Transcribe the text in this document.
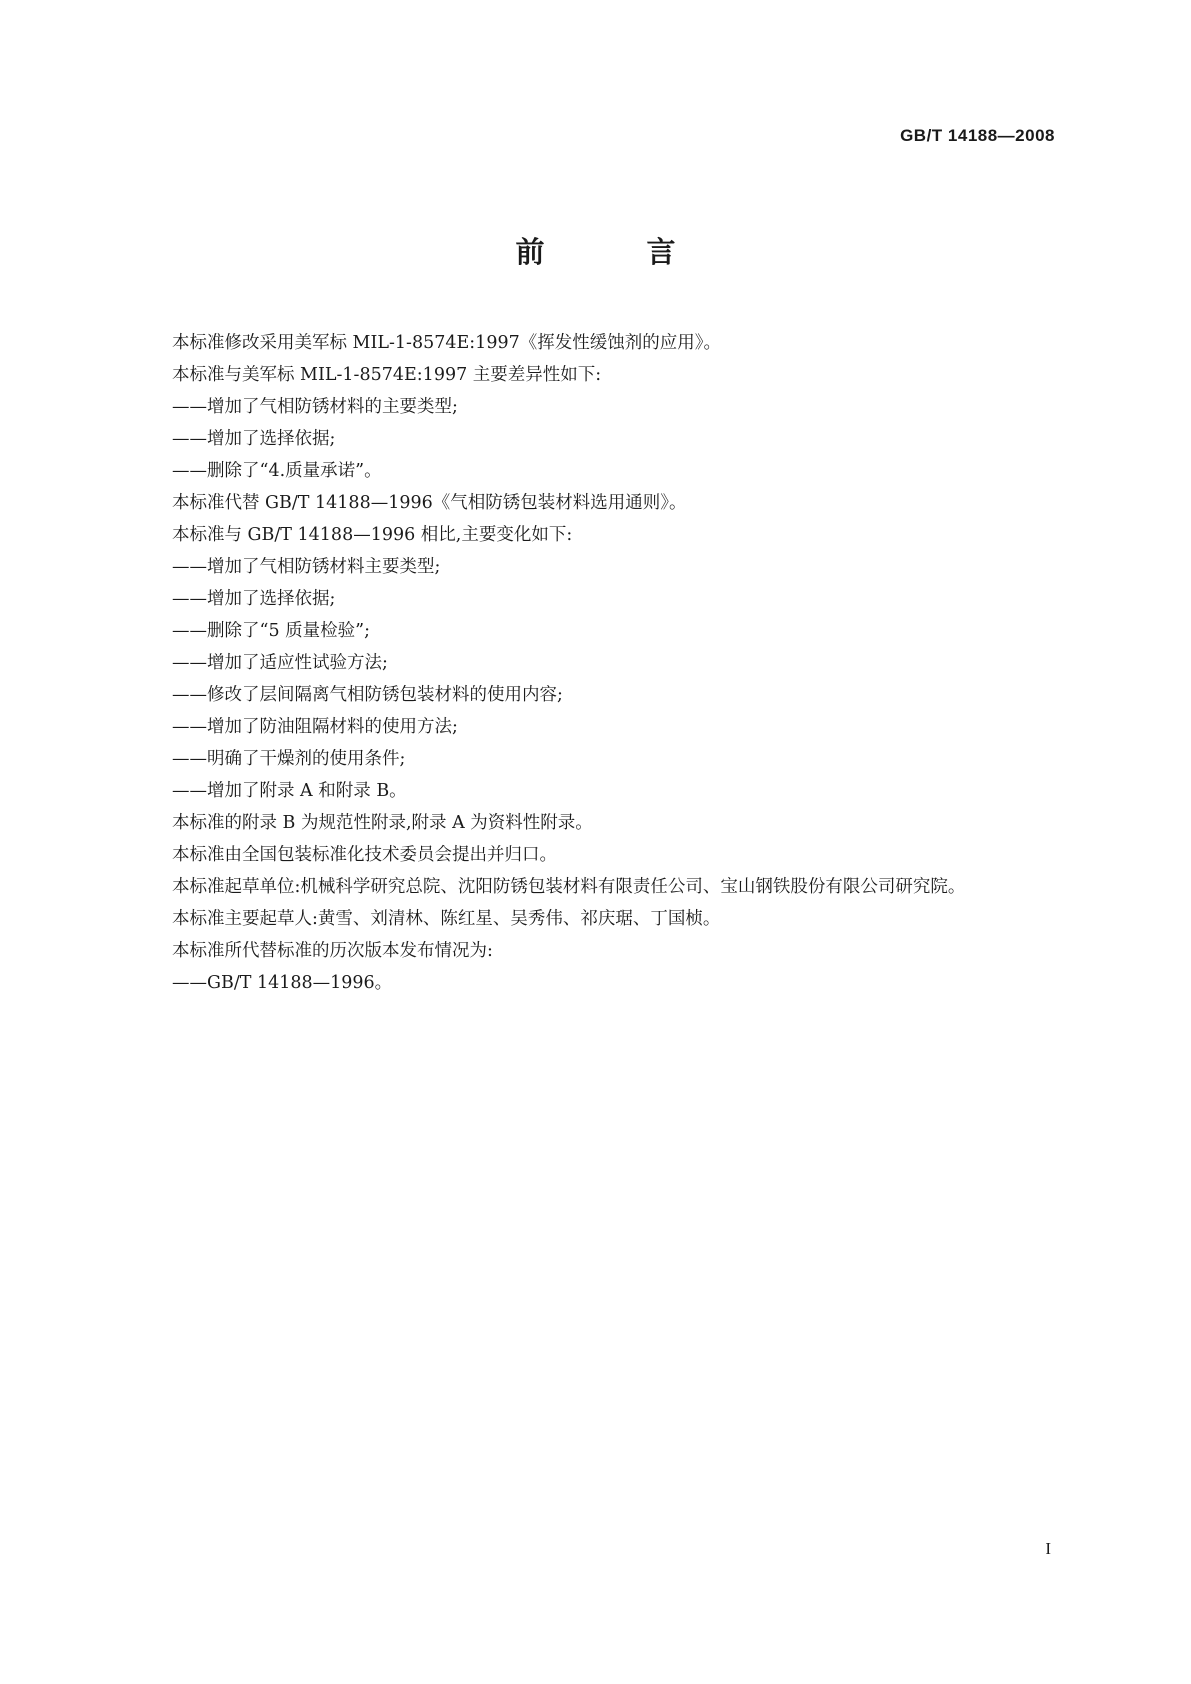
GB/T 14188—2008
前 言

本标准修改采用美军标 MIL-1-8574E:1997《挥发性缓蚀剂的应用》。

本标准与美军标 MIL-1-8574E:1997 主要差异性如下:

——增加了气相防锈材料的主要类型;

——增加了选择依据;

——删除了“4.质量承诺”。

本标准代替 GB/T 14188—1996《气相防锈包装材料选用通则》。

本标准与 GB/T 14188—1996 相比,主要变化如下:

——增加了气相防锈材料主要类型;

——增加了选择依据;

——删除了“5 质量检验”;

——增加了适应性试验方法;

——修改了层间隔离气相防锈包装材料的使用内容;

——增加了防油阻隔材料的使用方法;

——明确了干燥剂的使用条件;

——增加了附录 A 和附录 B。

本标准的附录 B 为规范性附录,附录 A 为资料性附录。

本标准由全国包装标准化技术委员会提出并归口。

本标准起草单位:机械科学研究总院、沈阳防锈包装材料有限责任公司、宝山钢铁股份有限公司研究院。

本标准主要起草人:黄雪、刘清林、陈红星、吴秀伟、祁庆琚、丁国桢。

本标准所代替标准的历次版本发布情况为:

——GB/T 14188—1996。

I
